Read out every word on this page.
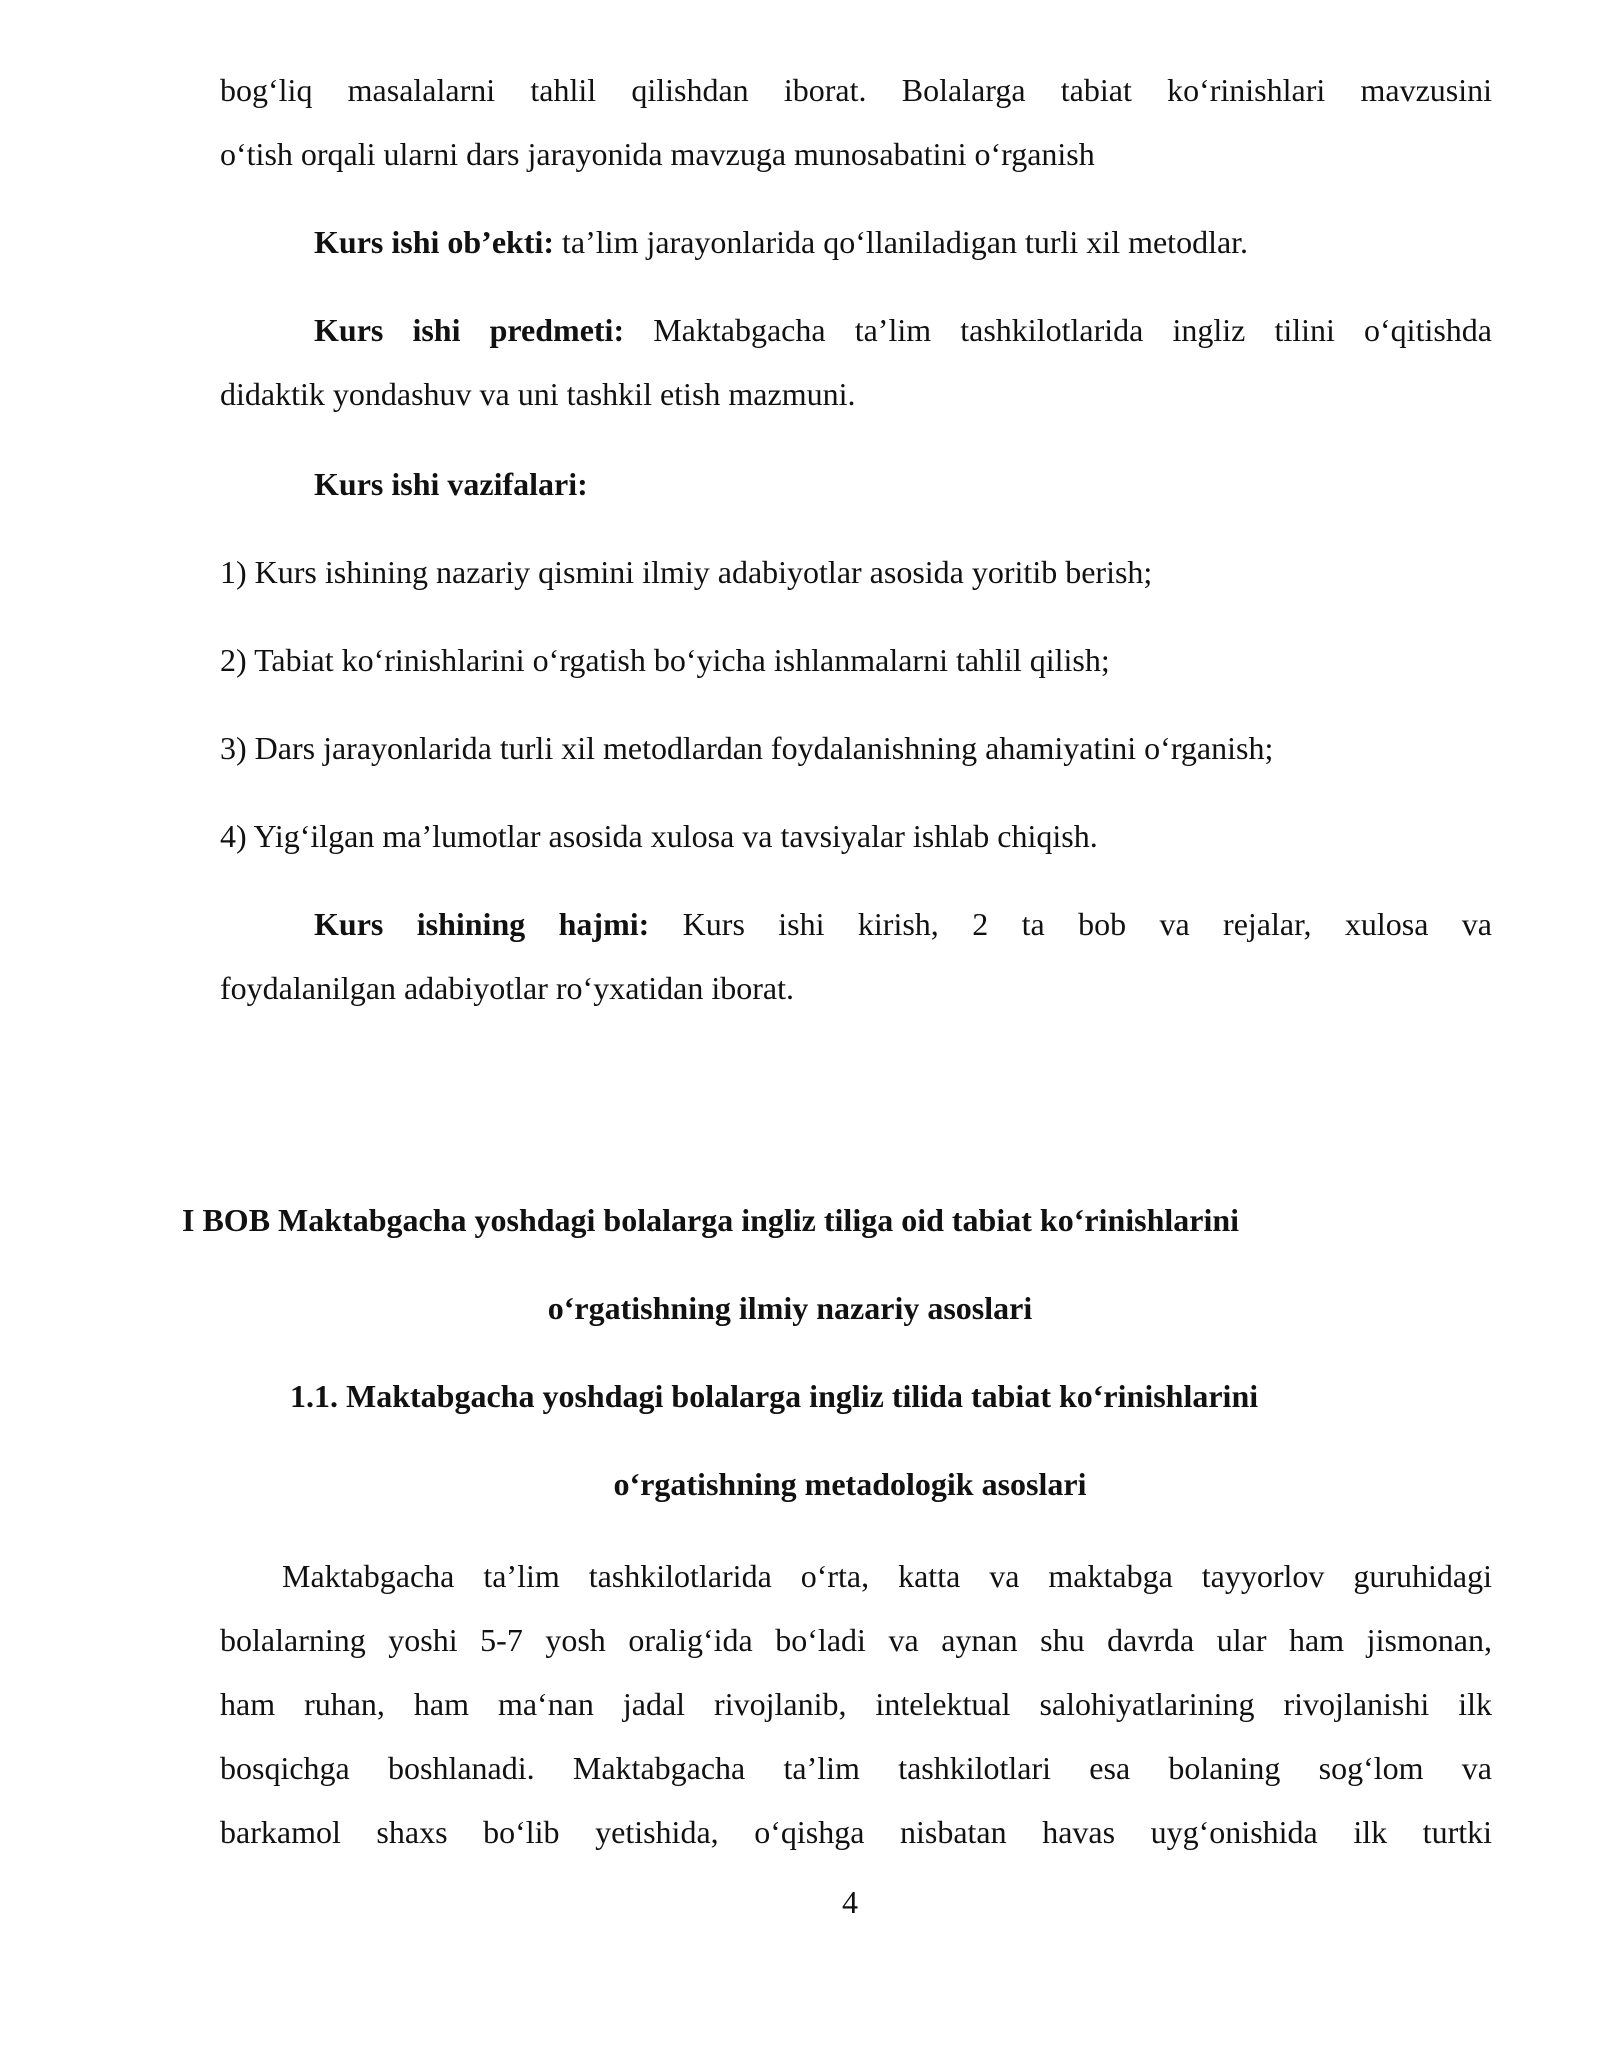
bog‘liq masalalarni tahlil qilishdan iborat. Bolalarga tabiat ko‘rinishlari mavzusini
o‘tish orqali ularni dars jarayonida mavzuga munosabatini o‘rganish
Kurs ishi ob’ekti: ta’lim jarayonlarida qo‘llaniladigan turli xil metodlar.
Kurs ishi predmeti: Maktabgacha ta’lim tashkilotlarida ingliz tilini o‘qitishda
didaktik yondashuv va uni tashkil etish mazmuni.
Kurs ishi vazifalari:
1) Kurs ishining nazariy qismini ilmiy adabiyotlar asosida yoritib berish;
2) Tabiat ko‘rinishlarini o‘rgatish bo‘yicha ishlanmalarni tahlil qilish;
3) Dars jarayonlarida turli xil metodlardan foydalanishning ahamiyatini o‘rganish;
4) Yig‘ilgan ma’lumotlar asosida xulosa va tavsiyalar ishlab chiqish.
Kurs ishining hajmi: Kurs ishi kirish, 2 ta bob va rejalar, xulosa va
foydalanilgan adabiyotlar ro‘yxatidan iborat.
I BOB Maktabgacha yoshdagi bolalarga ingliz tiliga oid tabiat ko‘rinishlarini
o‘rgatishning ilmiy nazariy asoslari
1.1. Maktabgacha yoshdagi bolalarga ingliz tilida tabiat ko‘rinishlarini
o‘rgatishning metadologik asoslari
Maktabgacha ta’lim tashkilotlarida o‘rta, katta va maktabga tayyorlov guruhidagi
bolalarning yoshi 5-7 yosh oralig‘ida bo‘ladi va aynan shu davrda ular ham jismonan,
ham ruhan, ham ma‘nan jadal rivojlanib, intelektual salohiyatlarining rivojlanishi ilk
bosqichga boshlanadi. Maktabgacha ta’lim tashkilotlari esa bolaning sog‘lom va
barkamol shaxs bo‘lib yetishida, o‘qishga nisbatan havas uyg‘onishida ilk turtki
4
